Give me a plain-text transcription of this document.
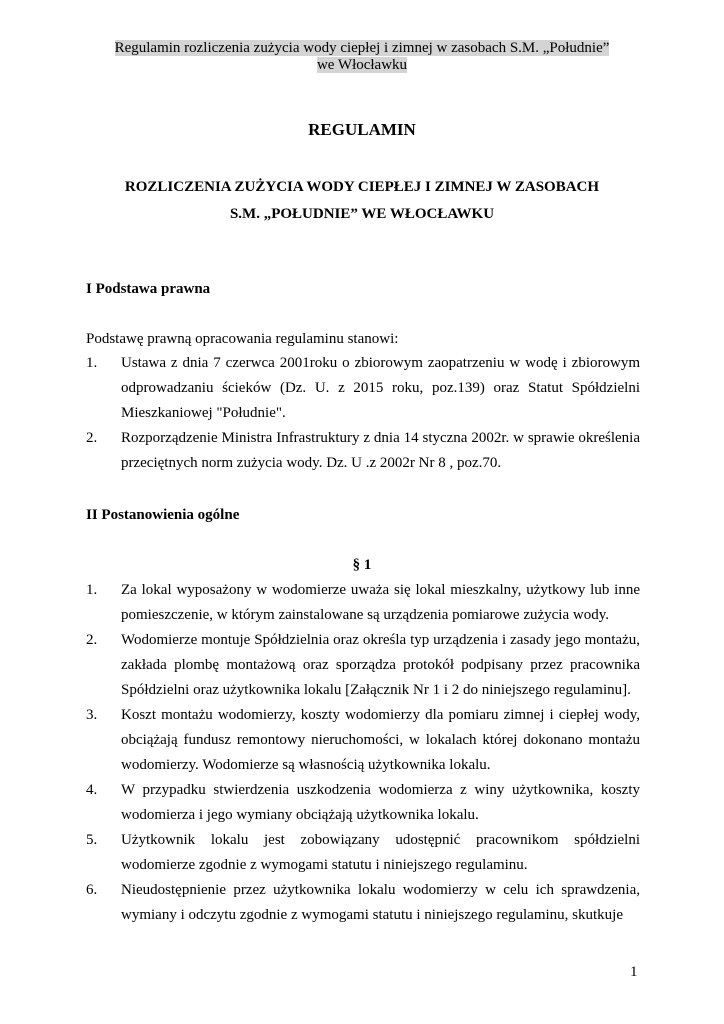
Regulamin rozliczenia zużycia wody ciepłej i zimnej w zasobach S.M. „Południe”
we Włocławku
REGULAMIN
ROZLICZENIA ZUŻYCIA WODY CIEPŁEJ I ZIMNEJ W ZASOBACH
S.M. „POŁUDNIE” WE WŁOCŁAWKU
I Podstawa prawna
Podstawę prawną opracowania regulaminu stanowi:
1. Ustawa z dnia 7 czerwca 2001roku o zbiorowym zaopatrzeniu w wodę i zbiorowym odprowadzaniu ścieków (Dz. U. z 2015 roku, poz.139) oraz Statut Spółdzielni Mieszkaniowej "Południe".
2. Rozporządzenie Ministra Infrastruktury z dnia 14 styczna 2002r. w sprawie określenia przeciętnych norm zużycia wody. Dz. U .z 2002r Nr 8 , poz.70.
II Postanowienia ogólne
§ 1
1. Za lokal wyposażony w wodomierze uważa się lokal mieszkalny, użytkowy lub inne pomieszczenie, w którym zainstalowane są urządzenia pomiarowe zużycia wody.
2. Wodomierze montuje Spółdzielnia oraz określa typ urządzenia i zasady jego montażu, zakłada plombę montażową oraz sporządza protokół podpisany przez pracownika Spółdzielni oraz użytkownika lokalu [Załącznik Nr 1 i 2 do niniejszego regulaminu].
3. Koszt montażu wodomierzy, koszty wodomierzy dla pomiaru zimnej i ciepłej wody, obciążają fundusz remontowy nieruchomości, w lokalach której dokonano montażu wodomierzy. Wodomierze są własnością użytkownika lokalu.
4. W przypadku stwierdzenia uszkodzenia wodomierza z winy użytkownika, koszty wodomierza i jego wymiany obciążają użytkownika lokalu.
5. Użytkownik lokalu jest zobowiązany udostępnić pracownikom spółdzielni wodomierze zgodnie z wymogami statutu i niniejszego regulaminu.
6. Nieudostępnienie przez użytkownika lokalu wodomierzy w celu ich sprawdzenia, wymiany i odczytu zgodnie z wymogami statutu i niniejszego regulaminu, skutkuje
1
